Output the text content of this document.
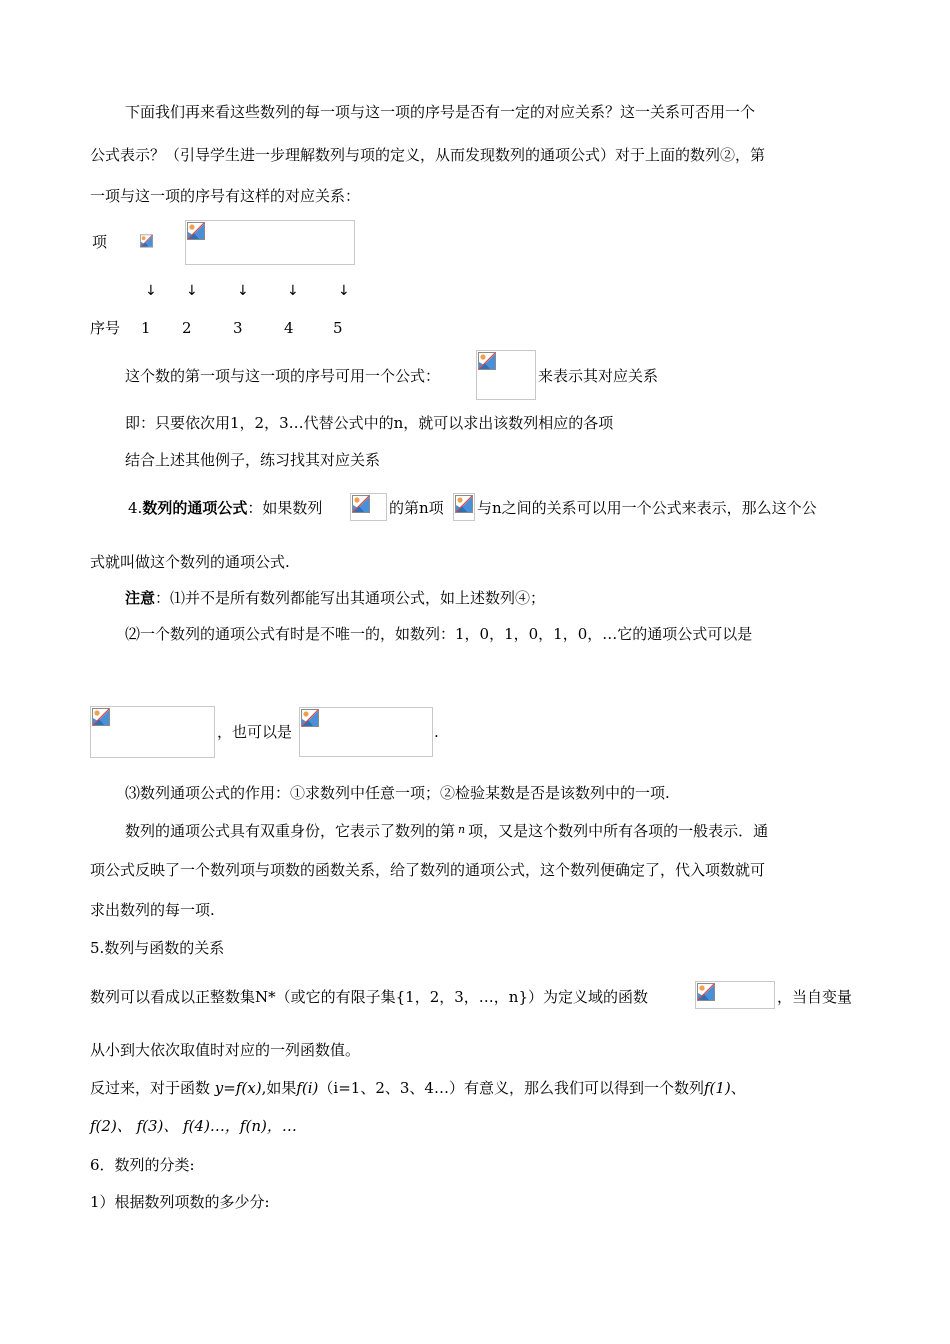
下面我们再来看这些数列的每一项与这一项的序号是否有一定的对应关系？这一关系可否用一个
公式表示？（引导学生进一步理解数列与项的定义，从而发现数列的通项公式）对于上面的数列②，第
一项与这一项的序号有这样的对应关系：
项
↓ ↓	↓	↓	↓
序号 1 2	3	4	5
这个数的第一项与这一项的序号可用一个公式：	来表示其对应关系
即：只要依次用1，2，3…代替公式中的n，就可以求出该数列相应的各项
结合上述其他例子，练习找其对应关系
4.数列的通项公式：如果数列	的第n项 与n之间的关系可以用一个公式来表示，那么这个公
式就叫做这个数列的通项公式.
注意：⑴并不是所有数列都能写出其通项公式，如上述数列④；
⑵一个数列的通项公式有时是不唯一的，如数列：1，0，1，0，1，0，…它的通项公式可以是
，也可以是	.
⑶数列通项公式的作用：①求数列中任意一项；②检验某数是否是该数列中的一项.
数列的通项公式具有双重身份，它表示了数列的第 $^n$ 项，又是这个数列中所有各项的一般表示．通
项公式反映了一个数列项与项数的函数关系，给了数列的通项公式，这个数列便确定了，代入项数就可
求出数列的每一项.
5.数列与函数的关系
数列可以看成以正整数集N*（或它的有限子集{1，2，3，…，n}）为定义域的函数	，当自变量
从小到大依次取值时对应的一列函数值。
反过来，对于函数 y=f(x),如果f(i)（i=1、2、3、4…）有意义，那么我们可以得到一个数列f(1)、
f(2)、 f(3)、 f(4)…，f(n)，…
6．数列的分类:
1）根据数列项数的多少分:
